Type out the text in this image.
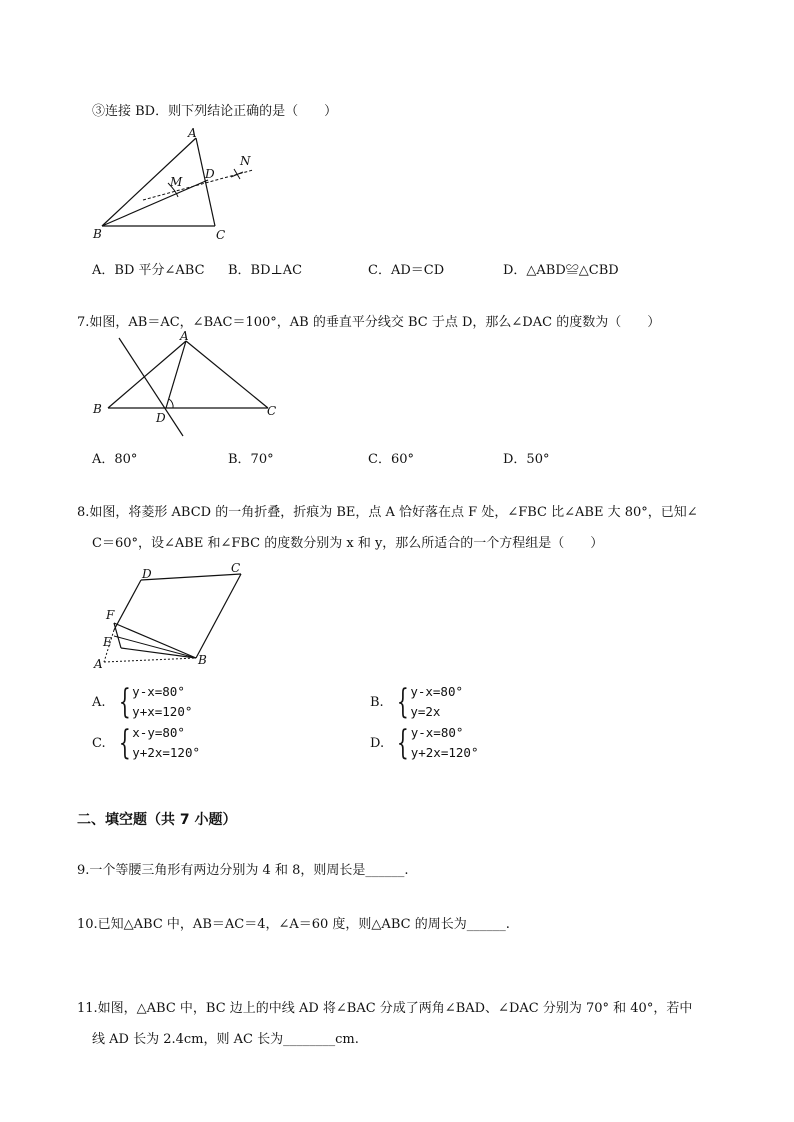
③连接 BD．则下列结论正确的是（　　）
A
B	C
D
M
N
A．BD 平分∠ABC B．BD⊥AC	C．AD＝CD	D．△ABD≌△CBD
7.如图，AB＝AC，∠BAC＝100°，AB 的垂直平分线交 BC 于点 D，那么∠DAC 的度数为（　　）
A
B	C
D
A．80°	B．70°	C．60°	D．50°
8.如图，将菱形 ABCD 的一角折叠，折痕为 BE，点 A 恰好落在点 F 处，∠FBC 比∠ABE 大 80°，已知∠
C＝60°，设∠ABE 和∠FBC 的度数分别为 x 和 y，那么所适合的一个方程组是（　　）
D	C
F
E
A	B
A. { y-x=80°
y+x=120°
B. { y-x=80°
y=2x
C. { x-y=80°
y+2x=120°
D. { y-x=80°
y+2x=120°
二、填空题（共 7 小题）
9.一个等腰三角形有两边分别为 4 和 8，则周长是______.
10.已知△ABC 中，AB＝AC＝4，∠A＝60 度，则△ABC 的周长为______.
11.如图，△ABC 中，BC 边上的中线 AD 将∠BAC 分成了两角∠BAD、∠DAC 分别为 70° 和 40°，若中
线 AD 长为 2.4cm，则 AC 长为________cm.
